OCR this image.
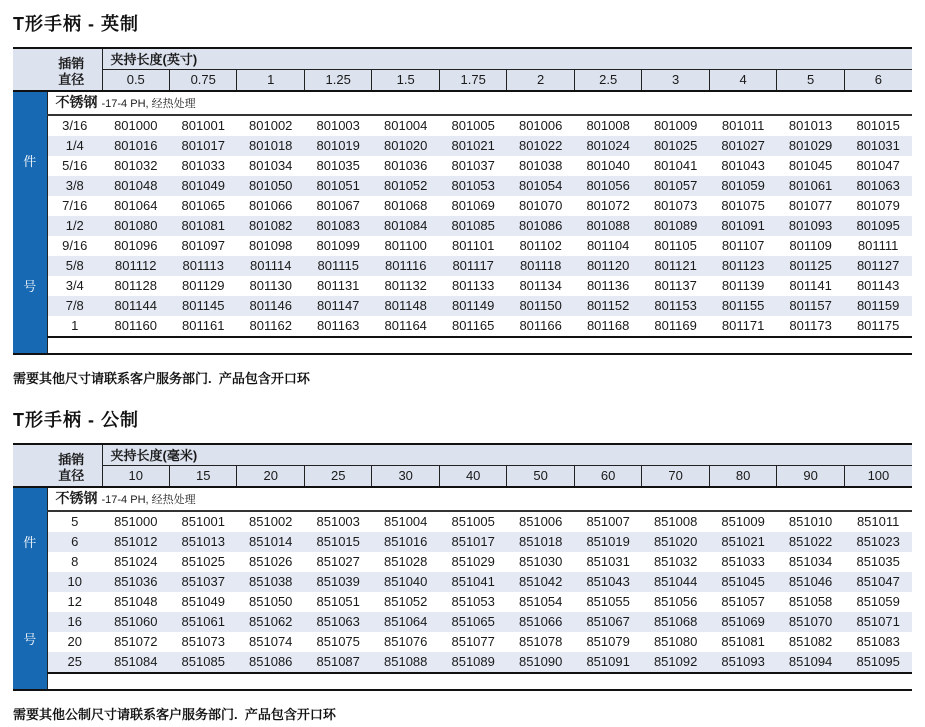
T形手柄 - 英制
插销
直径		夹持长度(英寸)											
		0.5	0.75	1	1.25	1.5	1.75	2	2.5	3	4	5	6

件
号	不锈钢 -17-4 PH, 经热处理												
	3/16	801000	801001	801002	801003	801004	801005	801006	801008	801009	801011	801013	801015
	1/4	801016	801017	801018	801019	801020	801021	801022	801024	801025	801027	801029	801031
	5/16	801032	801033	801034	801035	801036	801037	801038	801040	801041	801043	801045	801047
	3/8	801048	801049	801050	801051	801052	801053	801054	801056	801057	801059	801061	801063
	7/16	801064	801065	801066	801067	801068	801069	801070	801072	801073	801075	801077	801079
	1/2	801080	801081	801082	801083	801084	801085	801086	801088	801089	801091	801093	801095
	9/16	801096	801097	801098	801099	801100	801101	801102	801104	801105	801107	801109	801111
	5/8	801112	801113	801114	801115	801116	801117	801118	801120	801121	801123	801125	801127
	3/4	801128	801129	801130	801131	801132	801133	801134	801136	801137	801139	801141	801143
	7/8	801144	801145	801146	801147	801148	801149	801150	801152	801153	801155	801157	801159
	1	801160	801161	801162	801163	801164	801165	801166	801168	801169	801171	801173	801175

需要其他尺寸请联系客户服务部门.  产品包含开口环

T形手柄 - 公制
插销
直径		夹持长度(毫米)											
		10	15	20	25	30	40	50	60	70	80	90	100

件
号	不锈钢 -17-4 PH, 经热处理												
	5	851000	851001	851002	851003	851004	851005	851006	851007	851008	851009	851010	851011
	6	851012	851013	851014	851015	851016	851017	851018	851019	851020	851021	851022	851023
	8	851024	851025	851026	851027	851028	851029	851030	851031	851032	851033	851034	851035
	10	851036	851037	851038	851039	851040	851041	851042	851043	851044	851045	851046	851047
	12	851048	851049	851050	851051	851052	851053	851054	851055	851056	851057	851058	851059
	16	851060	851061	851062	851063	851064	851065	851066	851067	851068	851069	851070	851071
	20	851072	851073	851074	851075	851076	851077	851078	851079	851080	851081	851082	851083
	25	851084	851085	851086	851087	851088	851089	851090	851091	851092	851093	851094	851095

需要其他公制尺寸请联系客户服务部门.  产品包含开口环
